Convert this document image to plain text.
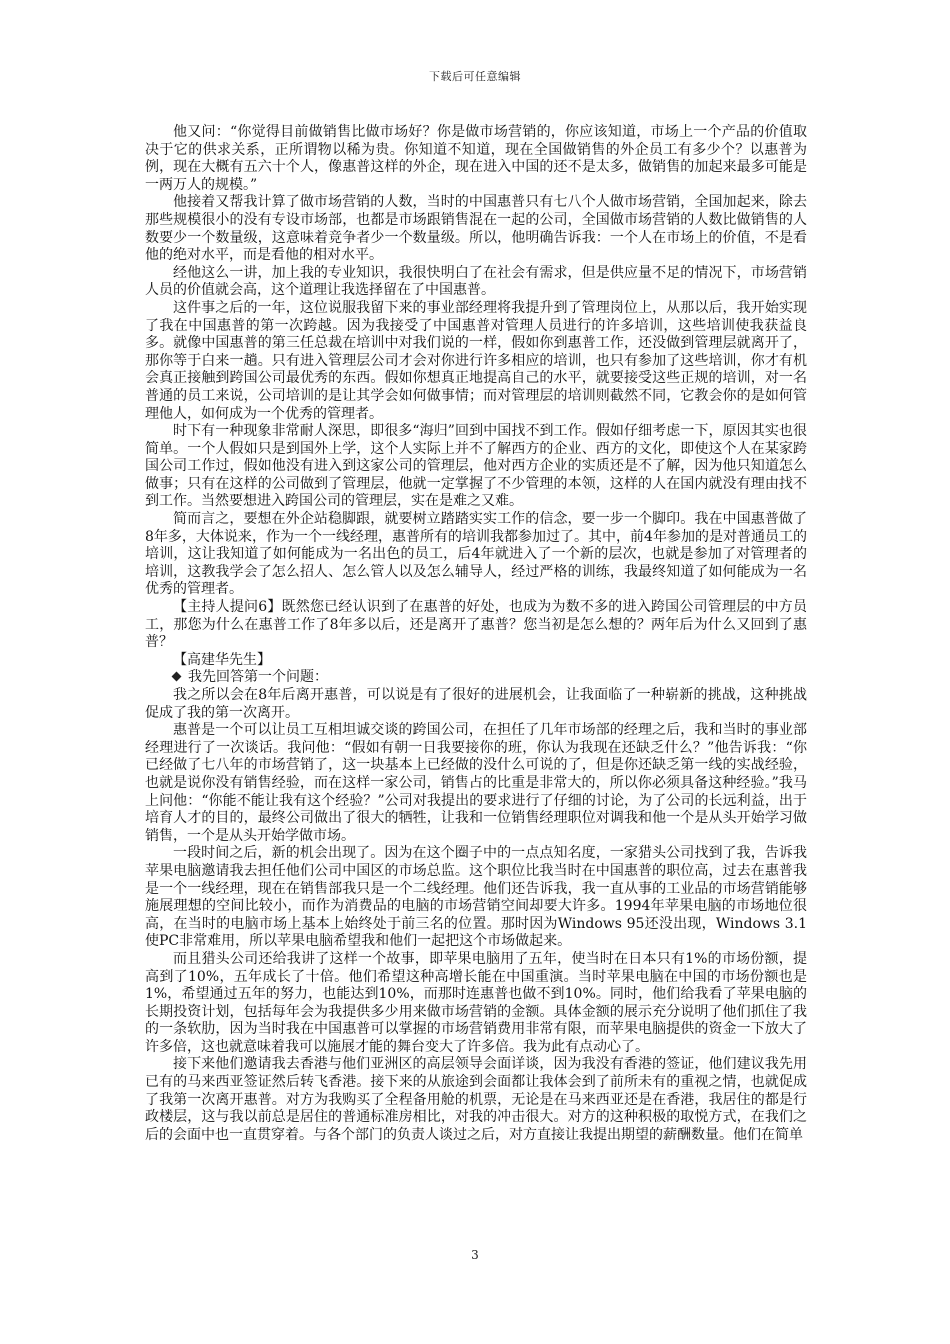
下载后可任意编辑

他又问：“你觉得目前做销售比做市场好？你是做市场营销的，你应该知道，市场上一个产品的价值取决于它的供求关系，正所谓物以稀为贵。你知道不知道，现在全国做销售的外企员工有多少个？以惠普为例，现在大概有五六十个人，像惠普这样的外企，现在进入中国的还不是太多，做销售的加起来最多可能是一两万人的规模。”

他接着又帮我计算了做市场营销的人数，当时的中国惠普只有七八个人做市场营销，全国加起来，除去那些规模很小的没有专设市场部，也都是市场跟销售混在一起的公司，全国做市场营销的人数比做销售的人数要少一个数量级，这意味着竞争者少一个数量级。所以，他明确告诉我：一个人在市场上的价值，不是看他的绝对水平，而是看他的相对水平。

经他这么一讲，加上我的专业知识，我很快明白了在社会有需求，但是供应量不足的情况下，市场营销人员的价值就会高，这个道理让我选择留在了中国惠普。

这件事之后的一年，这位说服我留下来的事业部经理将我提升到了管理岗位上，从那以后，我开始实现了我在中国惠普的第一次跨越。因为我接受了中国惠普对管理人员进行的许多培训，这些培训使我获益良多。就像中国惠普的第三任总裁在培训中对我们说的一样，假如你到惠普工作，还没做到管理层就离开了，那你等于白来一趟。只有进入管理层公司才会对你进行许多相应的培训，也只有参加了这些培训，你才有机会真正接触到跨国公司最优秀的东西。假如你想真正地提高自己的水平，就要接受这些正规的培训，对一名普通的员工来说，公司培训的是让其学会如何做事情；而对管理层的培训则截然不同，它教会你的是如何管理他人，如何成为一个优秀的管理者。

时下有一种现象非常耐人深思，即很多“海归”回到中国找不到工作。假如仔细考虑一下，原因其实也很简单。一个人假如只是到国外上学，这个人实际上并不了解西方的企业、西方的文化，即使这个人在某家跨国公司工作过，假如他没有进入到这家公司的管理层，他对西方企业的实质还是不了解，因为他只知道怎么做事；只有在这样的公司做到了管理层，他就一定掌握了不少管理的本领，这样的人在国内就没有理由找不到工作。当然要想进入跨国公司的管理层，实在是难之又难。

简而言之，要想在外企站稳脚跟，就要树立踏踏实实工作的信念，要一步一个脚印。我在中国惠普做了8年多，大体说来，作为一个一线经理，惠普所有的培训我都参加过了。其中，前4年参加的是对普通员工的培训，这让我知道了如何能成为一名出色的员工，后4年就进入了一个新的层次，也就是参加了对管理者的培训，这教我学会了怎么招人、怎么管人以及怎么辅导人，经过严格的训练，我最终知道了如何能成为一名优秀的管理者。

【主持人提问6】既然您已经认识到了在惠普的好处，也成为为数不多的进入跨国公司管理层的中方员工，那您为什么在惠普工作了8年多以后，还是离开了惠普？您当初是怎么想的？两年后为什么又回到了惠普？

【高建华先生】

我先回答第一个问题：

我之所以会在8年后离开惠普，可以说是有了很好的进展机会，让我面临了一种崭新的挑战，这种挑战促成了我的第一次离开。

惠普是一个可以让员工互相坦诚交谈的跨国公司，在担任了几年市场部的经理之后，我和当时的事业部经理进行了一次谈话。我问他：“假如有朝一日我要接你的班，你认为我现在还缺乏什么？”他告诉我：“你已经做了七八年的市场营销了，这一块基本上已经做的没什么可说的了，但是你还缺乏第一线的实战经验，也就是说你没有销售经验，而在这样一家公司，销售占的比重是非常大的，所以你必须具备这种经验。”我马上问他：“你能不能让我有这个经验？”公司对我提出的要求进行了仔细的讨论，为了公司的长远利益，出于培育人才的目的，最终公司做出了很大的牺牲，让我和一位销售经理职位对调我和他一个是从头开始学习做销售，一个是从头开始学做市场。

一段时间之后，新的机会出现了。因为在这个圈子中的一点点知名度，一家猎头公司找到了我，告诉我苹果电脑邀请我去担任他们公司中国区的市场总监。这个职位比我当时在中国惠普的职位高，过去在惠普我是一个一线经理，现在在销售部我只是一个二线经理。他们还告诉我，我一直从事的工业品的市场营销能够施展理想的空间比较小，而作为消费品的电脑的市场营销空间却要大许多。1994年苹果电脑的市场地位很高，在当时的电脑市场上基本上始终处于前三名的位置。那时因为Windows 95还没出现，Windows 3.1使PC非常难用，所以苹果电脑希望我和他们一起把这个市场做起来。

而且猎头公司还给我讲了这样一个故事，即苹果电脑用了五年，使当时在日本只有1%的市场份额，提高到了10%，五年成长了十倍。他们希望这种高增长能在中国重演。当时苹果电脑在中国的市场份额也是1%，希望通过五年的努力，也能达到10%，而那时连惠普也做不到10%。同时，他们给我看了苹果电脑的长期投资计划，包括每年会为我提供多少用来做市场营销的金额。具体金额的展示充分说明了他们抓住了我的一条软肋，因为当时我在中国惠普可以掌握的市场营销费用非常有限，而苹果电脑提供的资金一下放大了许多倍，这也就意味着我可以施展才能的舞台变大了许多倍。我为此有点动心了。

接下来他们邀请我去香港与他们亚洲区的高层领导会面详谈，因为我没有香港的签证，他们建议我先用已有的马来西亚签证然后转飞香港。接下来的从旅途到会面都让我体会到了前所未有的重视之情，也就促成了我第一次离开惠普。对方为我购买了全程备用舱的机票，无论是在马来西亚还是在香港，我居住的都是行政楼层，这与我以前总是居住的普通标准房相比，对我的冲击很大。对方的这种积极的取悦方式，在我们之后的会面中也一直贯穿着。与各个部门的负责人谈过之后，对方直接让我提出期望的薪酬数量。他们在简单

3
